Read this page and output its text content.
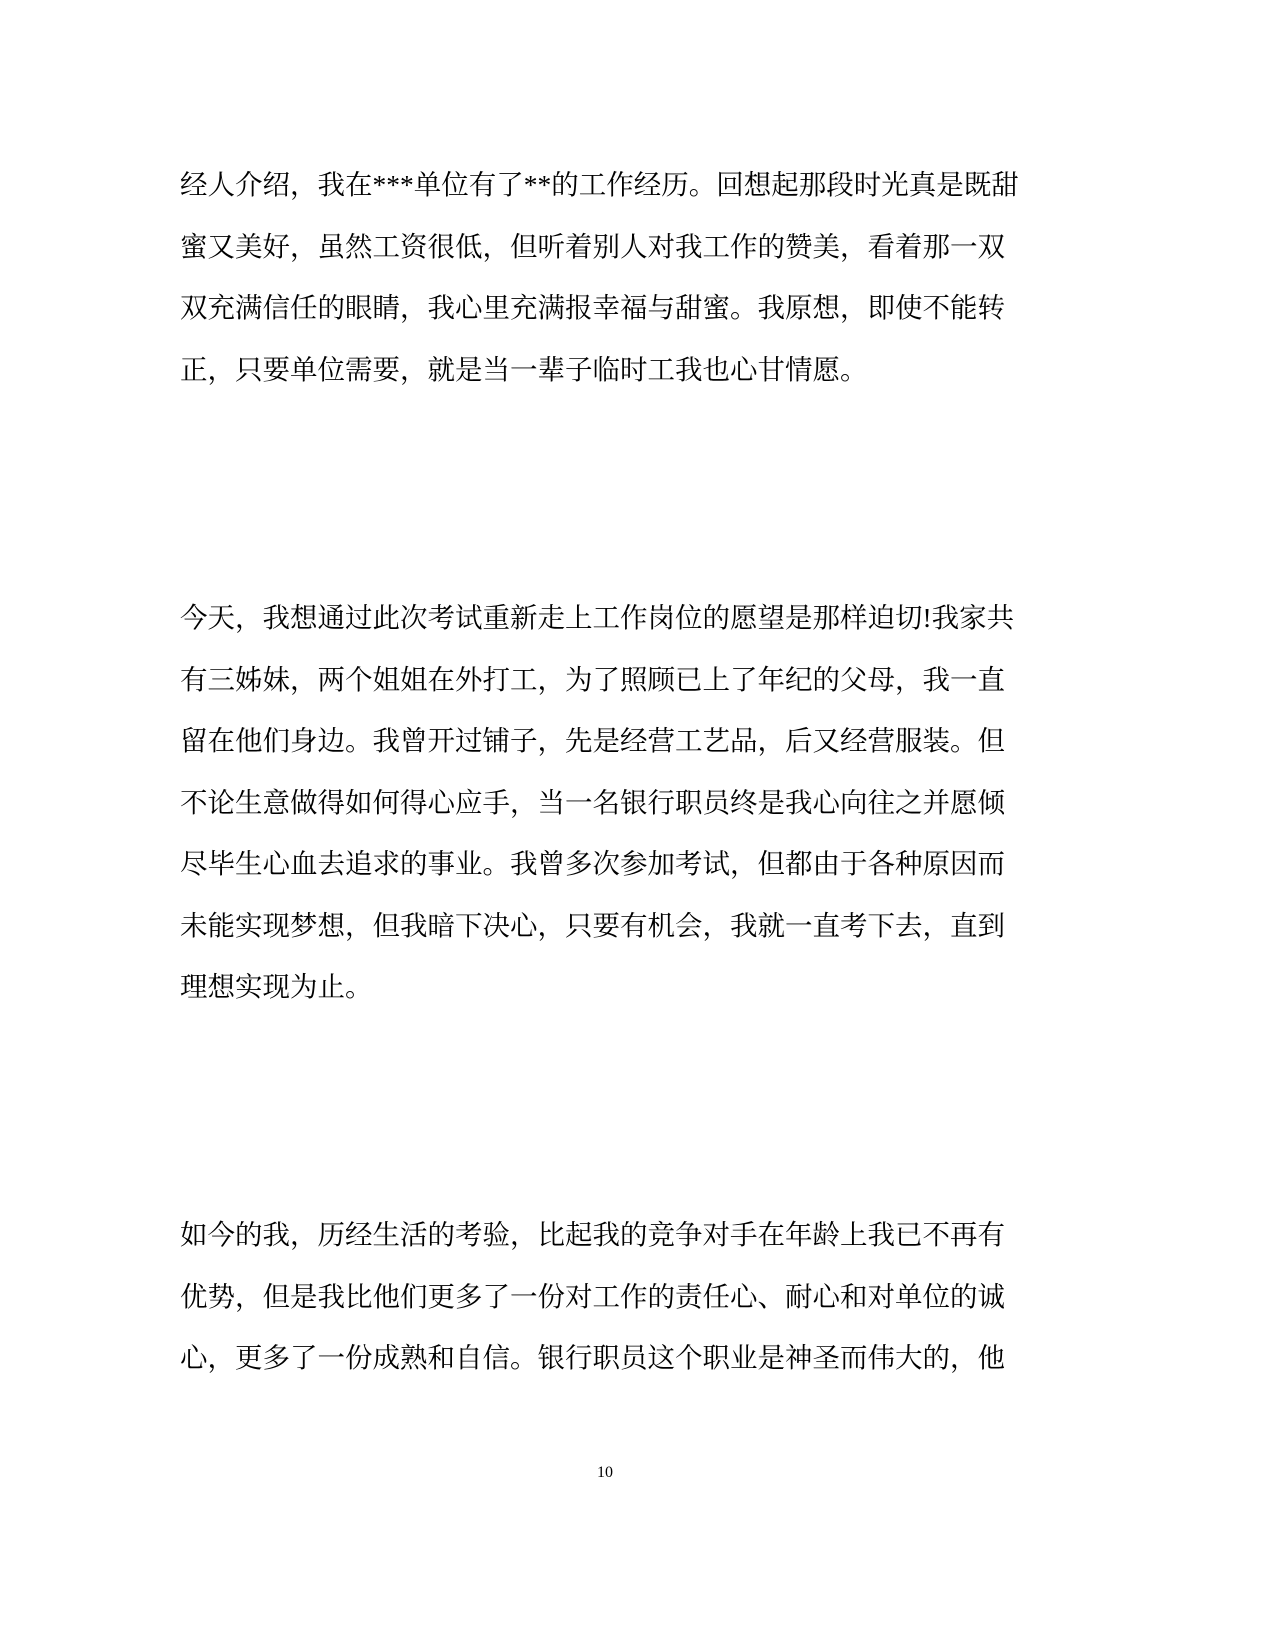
经人介绍，我在***单位有了**的工作经历。回想起那段时光真是既甜
蜜又美好，虽然工资很低，但听着别人对我工作的赞美，看着那一双
双充满信任的眼睛，我心里充满报幸福与甜蜜。我原想，即使不能转
正，只要单位需要，就是当一辈子临时工我也心甘情愿。
今天，我想通过此次考试重新走上工作岗位的愿望是那样迫切!我家共
有三姊妹，两个姐姐在外打工，为了照顾已上了年纪的父母，我一直
留在他们身边。我曾开过铺子，先是经营工艺品，后又经营服装。但
不论生意做得如何得心应手，当一名银行职员终是我心向往之并愿倾
尽毕生心血去追求的事业。我曾多次参加考试，但都由于各种原因而
未能实现梦想，但我暗下决心，只要有机会，我就一直考下去，直到
理想实现为止。
如今的我，历经生活的考验，比起我的竞争对手在年龄上我已不再有
优势，但是我比他们更多了一份对工作的责任心、耐心和对单位的诚
心，更多了一份成熟和自信。银行职员这个职业是神圣而伟大的，他
10
